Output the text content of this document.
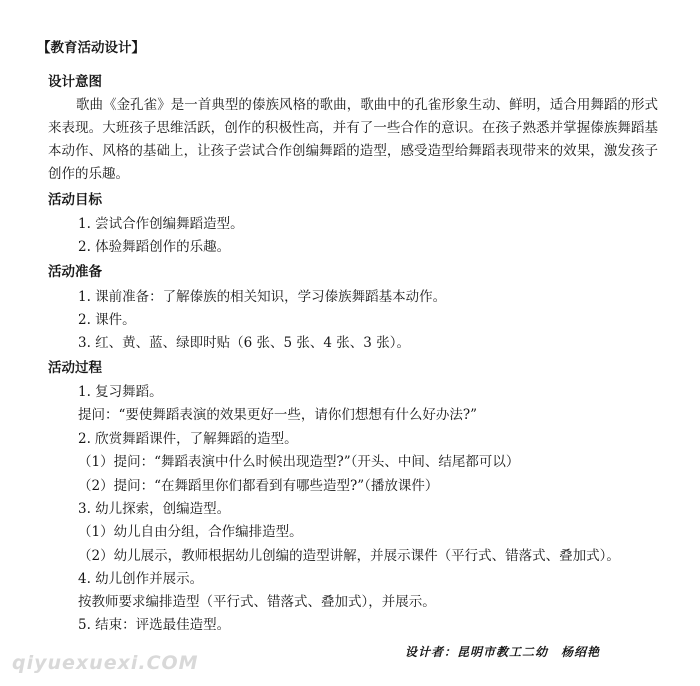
【教育活动设计】
设计意图
歌曲《金孔雀》是一首典型的傣族风格的歌曲，歌曲中的孔雀形象生动、鲜明，适合用舞蹈的形式来表现。大班孩子思维活跃，创作的积极性高，并有了一些合作的意识。在孩子熟悉并掌握傣族舞蹈基本动作、风格的基础上，让孩子尝试合作创编舞蹈的造型，感受造型给舞蹈表现带来的效果，激发孩子创作的乐趣。
活动目标
1. 尝试合作创编舞蹈造型。
2. 体验舞蹈创作的乐趣。
活动准备
1. 课前准备：了解傣族的相关知识，学习傣族舞蹈基本动作。
2. 课件。
3. 红、黄、蓝、绿即时贴（6 张、5 张、4 张、3 张）。
活动过程
1. 复习舞蹈。
提问：“要使舞蹈表演的效果更好一些，请你们想想有什么好办法?”
2. 欣赏舞蹈课件，了解舞蹈的造型。
（1）提问：“舞蹈表演中什么时候出现造型?”（开头、中间、结尾都可以）
（2）提问：“在舞蹈里你们都看到有哪些造型?”（播放课件）
3. 幼儿探索，创编造型。
（1）幼儿自由分组，合作编排造型。
（2）幼儿展示，教师根据幼儿创编的造型讲解，并展示课件（平行式、错落式、叠加式）。
4. 幼儿创作并展示。
按教师要求编排造型（平行式、错落式、叠加式），并展示。
5. 结束：评选最佳造型。
设计者：昆明市教工二幼　杨绍艳
qiyuexuexi.COM
